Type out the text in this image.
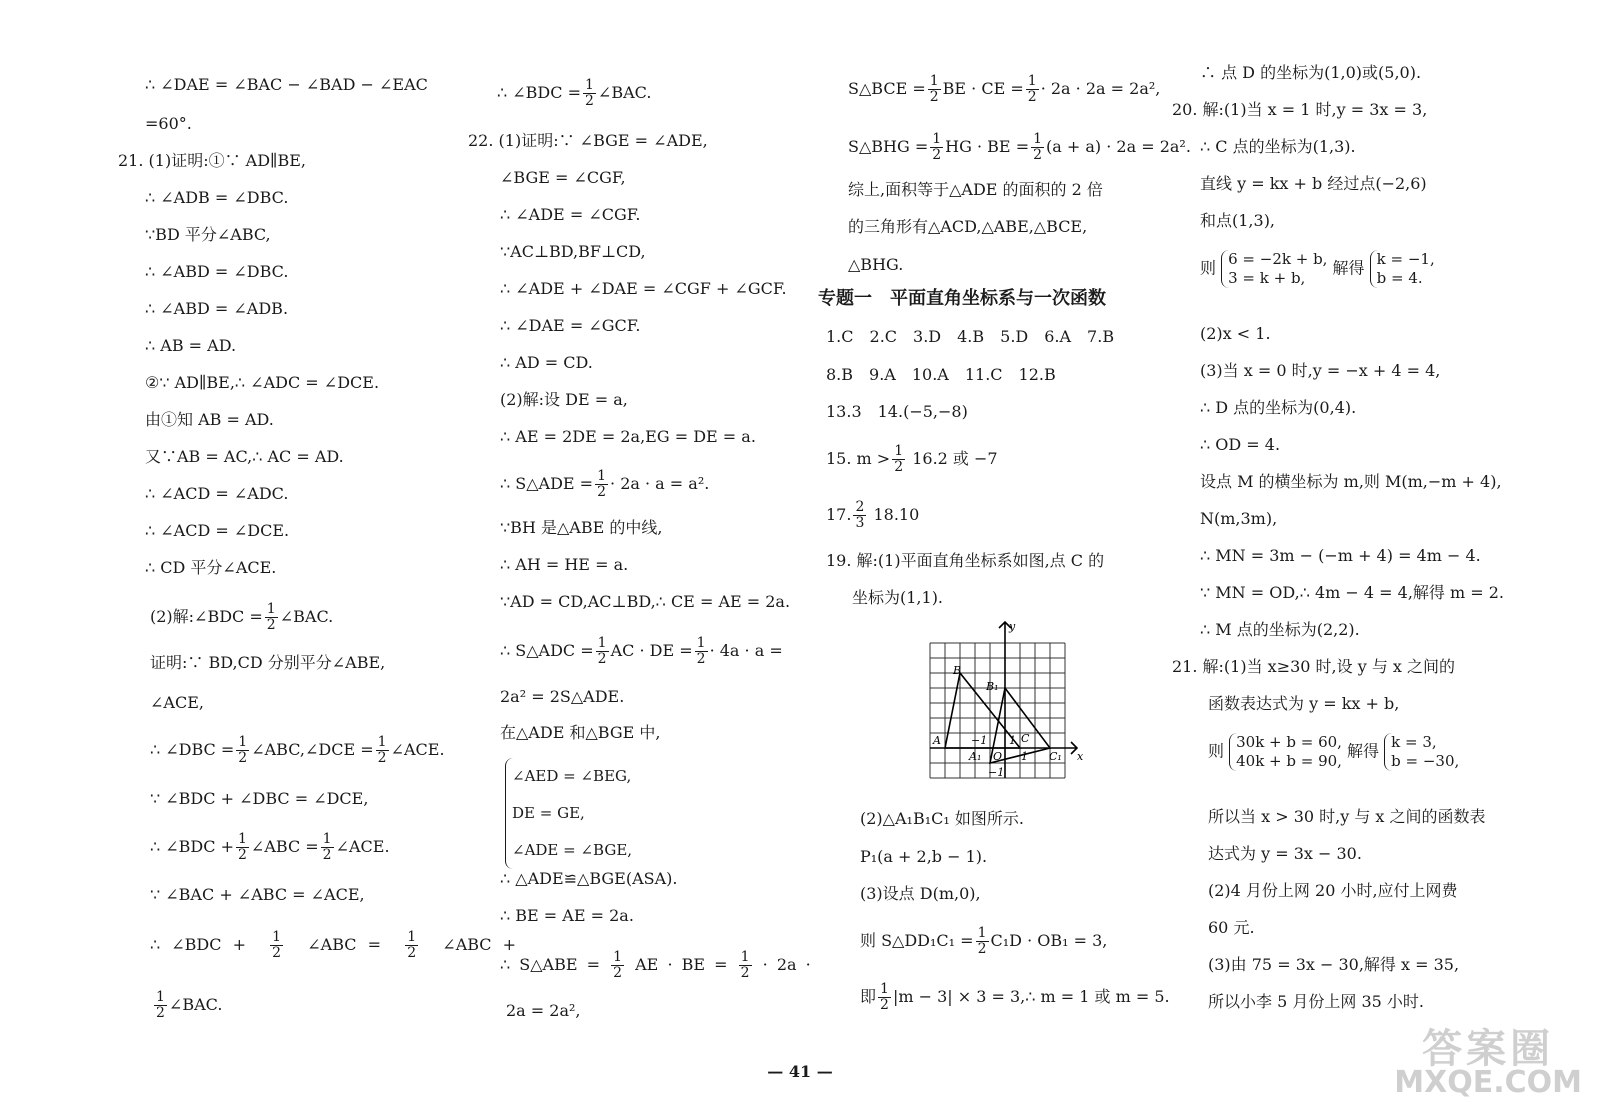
∴ ∠DAE = ∠BAC − ∠BAD − ∠EAC
=60°.
21. (1)证明:①∵ AD∥BE,
∴ ∠ADB = ∠DBC.
∵BD 平分∠ABC,
∴ ∠ABD = ∠DBC.
∴ ∠ABD = ∠ADB.
∴ AB = AD.
②∵ AD∥BE,∴ ∠ADC = ∠DCE.
由①知 AB = AD.
又∵AB = AC,∴ AC = AD.
∴ ∠ACD = ∠ADC.
∴ ∠ACD = ∠DCE.
∴ CD 平分∠ACE.
(2)解:∠BDC = $\frac{1}{2}$ ∠BAC.
证明:∵ BD,CD 分别平分∠ABE,
∠ACE,
∴ ∠DBC = $\frac{1}{2}$ ∠ABC,∠DCE = $\frac{1}{2}$ ∠ACE.
∵ ∠BDC + ∠DBC = ∠DCE,
∴ ∠BDC + $\frac{1}{2}$ ∠ABC = $\frac{1}{2}$ ∠ACE.
∵ ∠BAC + ∠ABC = ∠ACE,
∴ ∠BDC + $\frac{1}{2}$ ∠ABC = $\frac{1}{2}$ ∠ABC +
$\frac{1}{2}$ ∠BAC.
∴ ∠BDC = $\frac{1}{2}$ ∠BAC.
22. (1)证明:∵ ∠BGE = ∠ADE,
∠BGE = ∠CGF,
∴ ∠ADE = ∠CGF.
∵AC⊥BD,BF⊥CD,
∴ ∠ADE + ∠DAE = ∠CGF + ∠GCF.
∴ ∠DAE = ∠GCF.
∴ AD = CD.
(2)解:设 DE = a,
∴ AE = 2DE = 2a,EG = DE = a.
∴ S△ADE = $\frac{1}{2} \cdot 2a \cdot a = a^2$.
∵BH 是△ABE 的中线,
∴ AH = HE = a.
∵AD = CD,AC⊥BD,∴ CE = AE = 2a.
∴ S△ADC = $\frac{1}{2}$ AC · DE = $\frac{1}{2} \cdot 4a \cdot a$ =
2a² = 2S△ADE.
在△ADE 和△BGE 中,
∠AED = ∠BEG,
DE = GE,
∠ADE = ∠BGE,
∴ △ADE≌△BGE(ASA).
∴ BE = AE = 2a.
∴ S△ABE = $\frac{1}{2}$ AE · BE = $\frac{1}{2} \cdot 2a$ ·
2a = 2a²,
S△BCE = $\frac{1}{2}$ BE · CE = $\frac{1}{2} \cdot 2a \cdot 2a = 2a^2$,
S△BHG = $\frac{1}{2}$ HG · BE = $\frac{1}{2} (a + a) \cdot 2a = 2a^2$.
综上,面积等于△ADE 的面积的 2 倍
的三角形有△ACD,△ABE,△BCE,
△BHG.
专题一　平面直角坐标系与一次函数
1.C　2.C　3.D　4.B　5.D　6.A　7.B
8.B　9.A　10.A　11.C　12.B
13.3　14.(−5,−8)
15. $m > \frac{1}{2} 16.2$ 或 −7
17. $\frac{2}{3} 18.10$
19. 解:(1)平面直角坐标系如图,点 C 的
坐标为(1,1).
y
x
B
B₁
A
A₁
C
C₁
O
1
1
−1
−1
(2)△A₁B₁C₁ 如图所示.
P₁(a + 2,b − 1).
(3)设点 D(m,0),
则 S△DD₁C₁ = $\frac{1}{2} C_1D \cdot OB_1 = 3$,
即 $\frac{1}{2} |m - 3| \times 3$ = 3,∴ m = 1 或 m = 5.
∴ 点 D 的坐标为(1,0)或(5,0).
20. 解:(1)当 x = 1 时,y = 3x = 3,
∴ C 点的坐标为(1,3).
直线 y = kx + b 经过点(−2,6)
和点(1,3),
则 6 = −2k + b,
3 = k + b,
解得 k = −1,
b = 4.
(2)x < 1.
(3)当 x = 0 时,y = −x + 4 = 4,
∴ D 点的坐标为(0,4).
∴ OD = 4.
设点 M 的横坐标为 m,则 M(m,−m + 4),
N(m,3m),
∴ MN = 3m − (−m + 4) = 4m − 4.
∵ MN = OD,∴ 4m − 4 = 4,解得 m = 2.
∴ M 点的坐标为(2,2).
21. 解:(1)当 x≥30 时,设 y 与 x 之间的
函数表达式为 y = kx + b,
则 30k + b = 60,
40k + b = 90,
解得 k = 3,
b = −30,
所以当 x > 30 时,y 与 x 之间的函数表
达式为 y = 3x − 30.
(2)4 月份上网 20 小时,应付上网费
60 元.
(3)由 75 = 3x − 30,解得 x = 35,
所以小李 5 月份上网 35 小时.
— 41 —	答案圈
MXQE.COM
